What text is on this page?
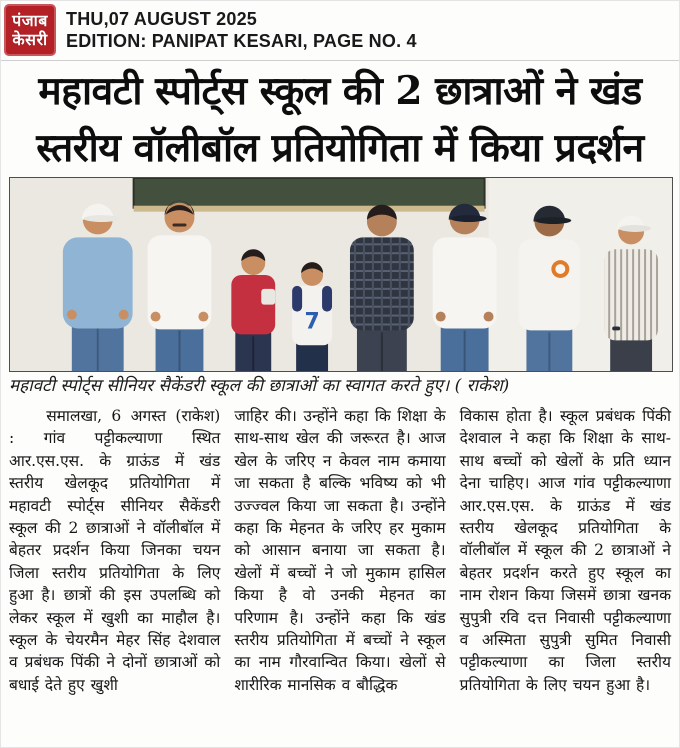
पंजाब
केसरी
THU,07 AUGUST 2025
EDITION: PANIPAT KESARI, PAGE NO. 4
महावटी स्पोर्ट्स स्कूल की 2 छात्राओं ने खंड
स्तरीय वॉलीबॉल प्रतियोगिता में किया प्रदर्शन
7
महावटी स्पोर्ट्स सीनियर सैकेंडरी स्कूल की छात्राओं का स्वागत करते हुए। ( राकेश)
समालखा, 6 अगस्त (राकेश) : गांव पट्टीकल्याणा स्थित आर.एस.एस. के ग्राऊंड में खंड स्तरीय खेलकूद प्रतियोगिता में महावटी स्पोर्ट्स सीनियर सैकेंडरी स्कूल की 2 छात्राओं ने वॉलीबॉल में बेहतर प्रदर्शन किया जिनका चयन जिला स्तरीय प्रतियोगिता के लिए हुआ है। छात्रों की इस उपलब्धि को लेकर स्कूल में खुशी का माहौल है। स्कूल के चेयरमैन मेहर सिंह देशवाल व प्रबंधक पिंकी ने दोनों छात्राओं को बधाई देते हुए खुशी
जाहिर की। उन्होंने कहा कि शिक्षा के साथ-साथ खेल की जरूरत है। आज खेल के जरिए न केवल नाम कमाया जा सकता है बल्कि भविष्य को भी उज्ज्वल किया जा सकता है। उन्होंने कहा कि मेहनत के जरिए हर मुकाम को आसान बनाया जा सकता है। खेलों में बच्चों ने जो मुकाम हासिल किया है वो उनकी मेहनत का परिणाम है। उन्होंने कहा कि खंड स्तरीय प्रतियोगिता में बच्चों ने स्कूल का नाम गौरवान्वित किया। खेलों से शारीरिक मानसिक व बौद्धिक
विकास होता है। स्कूल प्रबंधक पिंकी देशवाल ने कहा कि शिक्षा के साथ-साथ बच्चों को खेलों के प्रति ध्यान देना चाहिए। आज गांव पट्टीकल्याणा आर.एस.एस. के ग्राऊंड में खंड स्तरीय खेलकूद प्रतियोगिता के वॉलीबॉल में स्कूल की 2 छात्राओं ने बेहतर प्रदर्शन करते हुए स्कूल का नाम रोशन किया जिसमें छात्रा खनक सुपुत्री रवि दत्त निवासी पट्टीकल्याणा व अस्मिता सुपुत्री सुमित निवासी पट्टीकल्याणा का जिला स्तरीय प्रतियोगिता के लिए चयन हुआ है।
